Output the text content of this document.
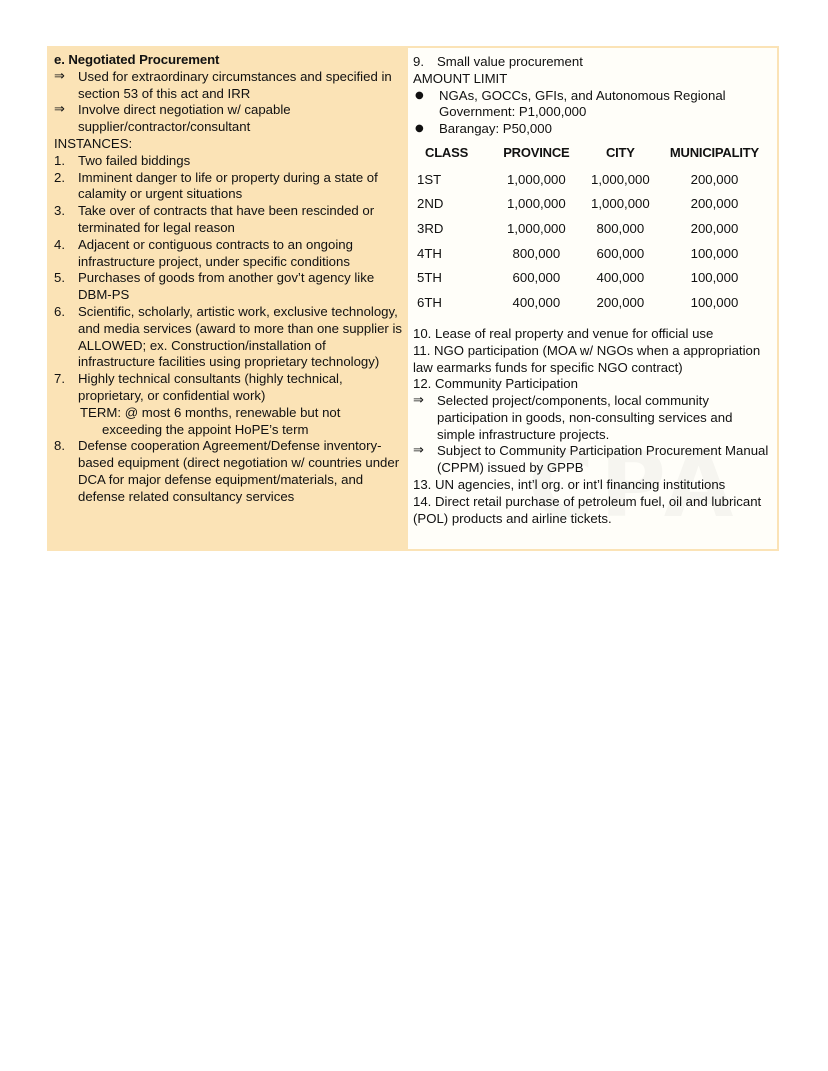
e. Negotiated Procurement
⇒ Used for extraordinary circumstances and specified in section 53 of this act and IRR
⇒ Involve direct negotiation w/ capable supplier/contractor/consultant
INSTANCES:
1. Two failed biddings
2. Imminent danger to life or property during a state of calamity or urgent situations
3. Take over of contracts that have been rescinded or terminated for legal reason
4. Adjacent or contiguous contracts to an ongoing infrastructure project, under specific conditions
5. Purchases of goods from another gov’t agency like DBM-PS
6. Scientific, scholarly, artistic work, exclusive technology, and media services (award to more than one supplier is ALLOWED; ex. Construction/installation of infrastructure facilities using proprietary technology)
7. Highly technical consultants (highly technical, proprietary, or confidential work)
TERM: @ most 6 months, renewable but not
exceeding the appoint HoPE’s term
8. Defense cooperation Agreement/Defense inventory-based equipment (direct negotiation w/ countries under DCA for major defense equipment/materials, and defense related consultancy services
9. Small value procurement
AMOUNT LIMIT
●	NGAs, GOCCs, GFIs, and Autonomous Regional Government: P1,000,000
●	Barangay: P50,000
CLASS	PROVINCE	CITY	MUNICIPALITY
1ST	1,000,000	1,000,000	200,000
2ND	1,000,000	1,000,000	200,000
3RD	1,000,000	800,000	200,000
4TH	800,000	600,000	100,000
5TH	600,000	400,000	100,000
6TH	400,000	200,000	100,000
10. Lease of real property and venue for official use
11. NGO participation (MOA w/ NGOs when a appropriation law earmarks funds for specific NGO contract)
12. Community Participation
⇒ Selected project/components, local community participation in goods, non-consulting services and simple infrastructure projects.
⇒ Subject to Community Participation Procurement Manual (CPPM) issued by GPPB
13. UN agencies, int’l org. or int’l financing institutions
14. Direct retail purchase of petroleum fuel, oil and lubricant (POL) products and airline tickets.
